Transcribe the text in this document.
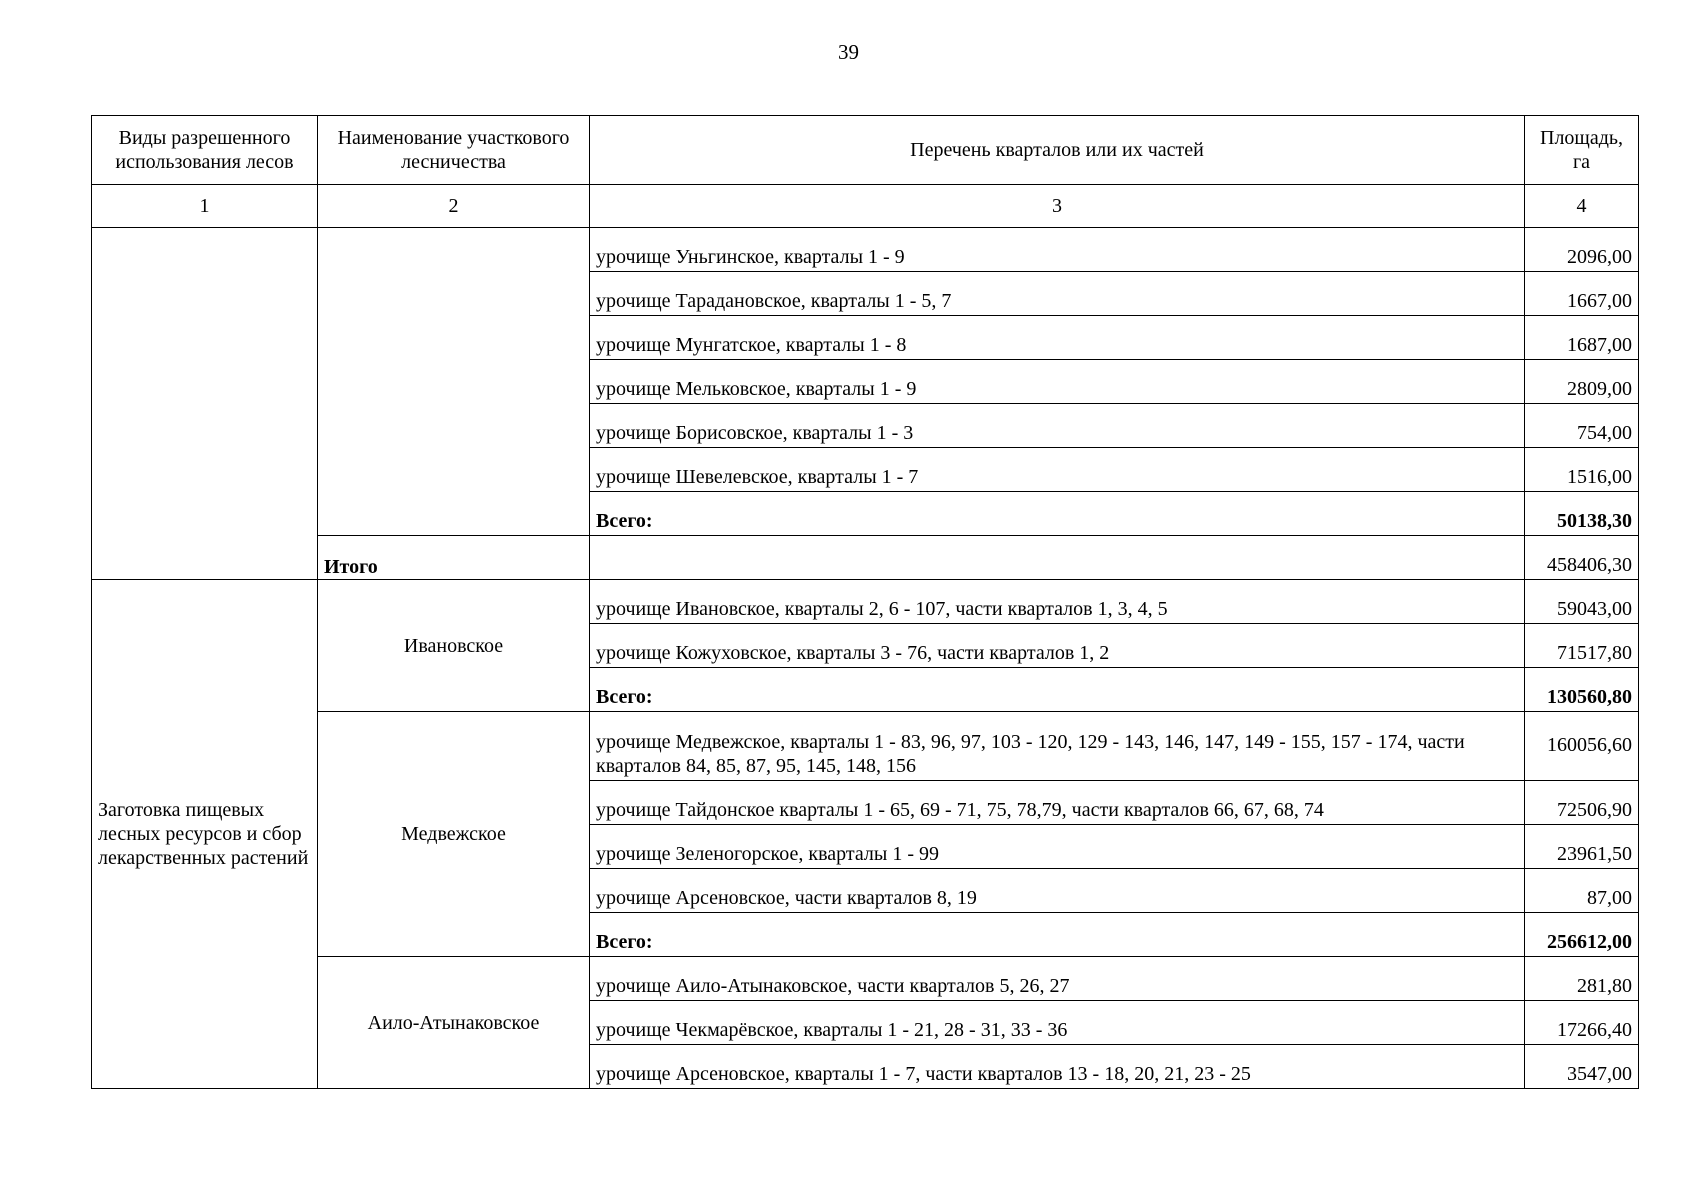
39
Виды разрешенного использования лесов	Наименование участкового лесничества	Перечень кварталов или их частей	Площадь, га
1	2	3	4
		урочище Уньгинское, кварталы 1 - 9	2096,00
		урочище Тарадановское, кварталы 1 - 5, 7	1667,00
		урочище Мунгатское, кварталы 1 - 8	1687,00
		урочище Мельковское, кварталы 1 - 9	2809,00
		урочище Борисовское, кварталы 1 - 3	754,00
		урочище Шевелевское, кварталы 1 - 7	1516,00
		Всего:	50138,30
	Итого		458406,30
Заготовка пищевых лесных ресурсов и сбор лекарственных растений	Ивановское	урочище Ивановское, кварталы 2, 6 - 107, части кварталов 1, 3, 4, 5	59043,00
		урочище Кожуховское, кварталы 3 - 76, части кварталов 1, 2	71517,80
		Всего:	130560,80
	Медвежское	урочище Медвежское, кварталы 1 - 83, 96, 97, 103 - 120, 129 - 143, 146, 147, 149 - 155, 157 - 174, части кварталов 84, 85, 87, 95, 145, 148, 156	160056,60
		урочище Тайдонское кварталы 1 - 65, 69 - 71, 75, 78,79, части кварталов 66, 67, 68, 74	72506,90
		урочище Зеленогорское, кварталы 1 - 99	23961,50
		урочище Арсеновское, части кварталов 8, 19	87,00
		Всего:	256612,00
	Аило-Атынаковское	урочище Аило-Атынаковское, части кварталов 5, 26, 27	281,80
		урочище Чекмарёвское, кварталы 1 - 21, 28 - 31, 33 - 36	17266,40
		урочище Арсеновское, кварталы 1 - 7, части кварталов 13 - 18, 20, 21, 23 - 25	3547,00
